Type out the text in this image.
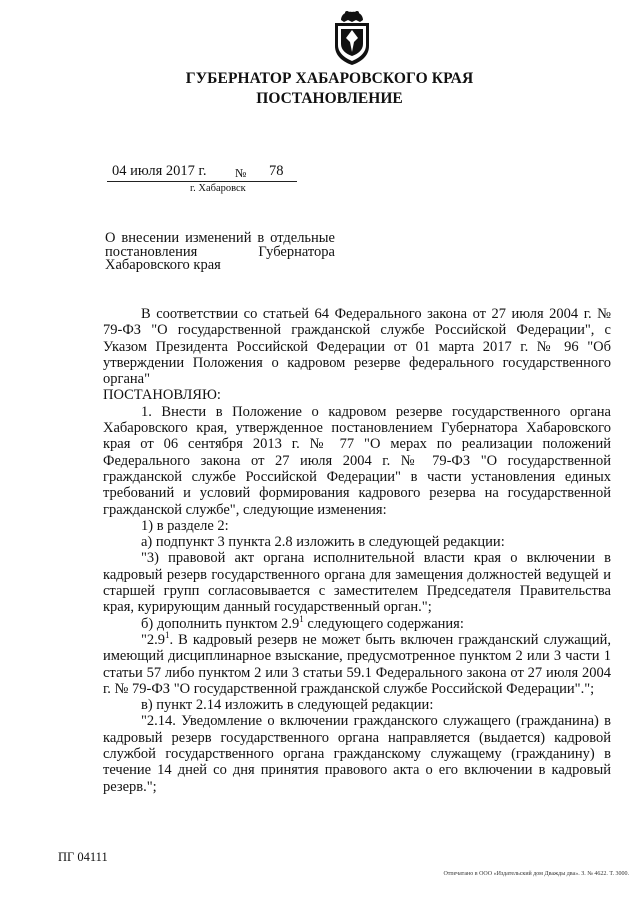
ГУБЕРНАТОР ХАБАРОВСКОГО КРАЯ
ПОСТАНОВЛЕНИЕ
04 июля 2017 г. № 78
г. Хабаровск
О внесении изменений в отдельные постановления Губернатора Хабаровского края

В соответствии со статьей 64 Федерального закона от 27 июля 2004 г. № 79-ФЗ "О государственной гражданской службе Российской Федерации", с Указом Президента Российской Федерации от 01 марта 2017 г. № 96 "Об утверждении Положения о кадровом резерве федерального государственного органа"

ПОСТАНОВЛЯЮ:

1. Внести в Положение о кадровом резерве государственного органа Хабаровского края, утвержденное постановлением Губернатора Хабаровского края от 06 сентября 2013 г. № 77 "О мерах по реализации положений Федерального закона от 27 июля 2004 г. № 79-ФЗ "О государственной гражданской службе Российской Федерации" в части установления единых требований и условий формирования кадрового резерва на государственной гражданской службе", следующие изменения:

1) в разделе 2:

а) подпункт 3 пункта 2.8 изложить в следующей редакции:

"3) правовой акт органа исполнительной власти края о включении в кадровый резерв государственного органа для замещения должностей ведущей и старшей групп согласовывается с заместителем Председателя Правительства края, курирующим данный государственный орган.";

б) дополнить пунктом $2.9^1$ следующего содержания:

"$2.9^1$. В кадровый резерв не может быть включен гражданский служащий, имеющий дисциплинарное взыскание, предусмотренное пунктом 2 или 3 части 1 статьи 57 либо пунктом 2 или 3 статьи 59.1 Федерального закона от 27 июля 2004 г. № 79-ФЗ "О государственной гражданской службе Российской Федерации".";

в) пункт 2.14 изложить в следующей редакции:

"2.14. Уведомление о включении гражданского служащего (гражданина) в кадровый резерв государственного органа направляется (выдается) кадровой службой государственного органа гражданскому служащему (гражданину) в течение 14 дней со дня принятия правового акта о его включении в кадровый резерв.";

ПГ 04111
Отпечатано в ООО «Издательский дом Дважды два». З. № 4622. Т. 3000.
